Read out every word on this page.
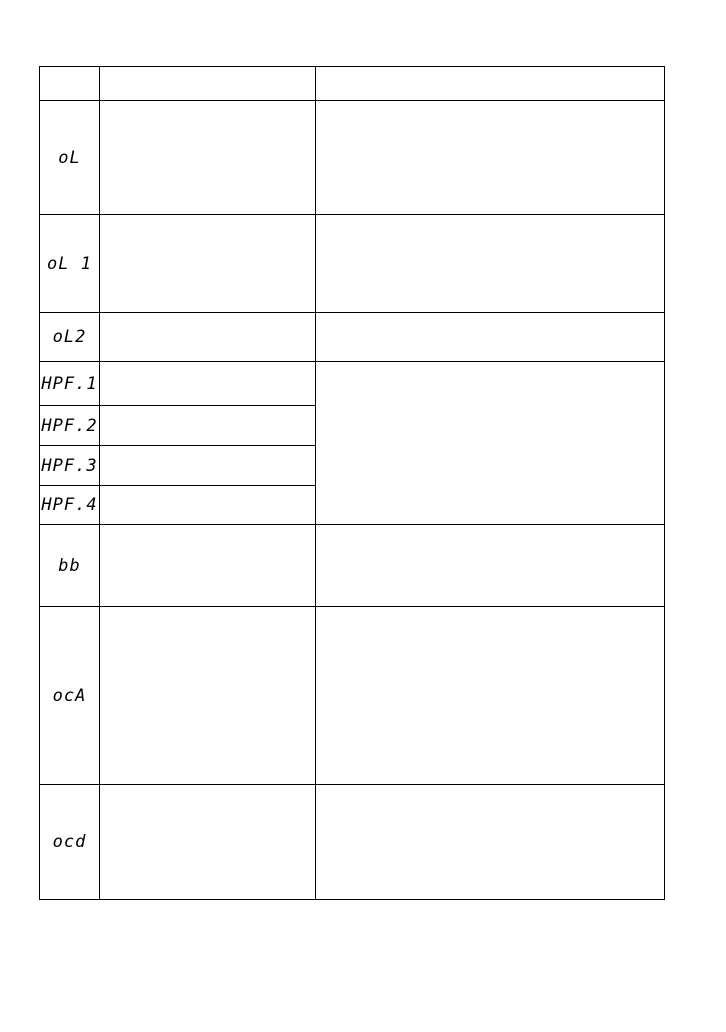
oL		
oL 1		
oL2		
HPF.1		
HPF.2		
HPF.3		
HPF.4		
bb		
ocA		
ocd		
